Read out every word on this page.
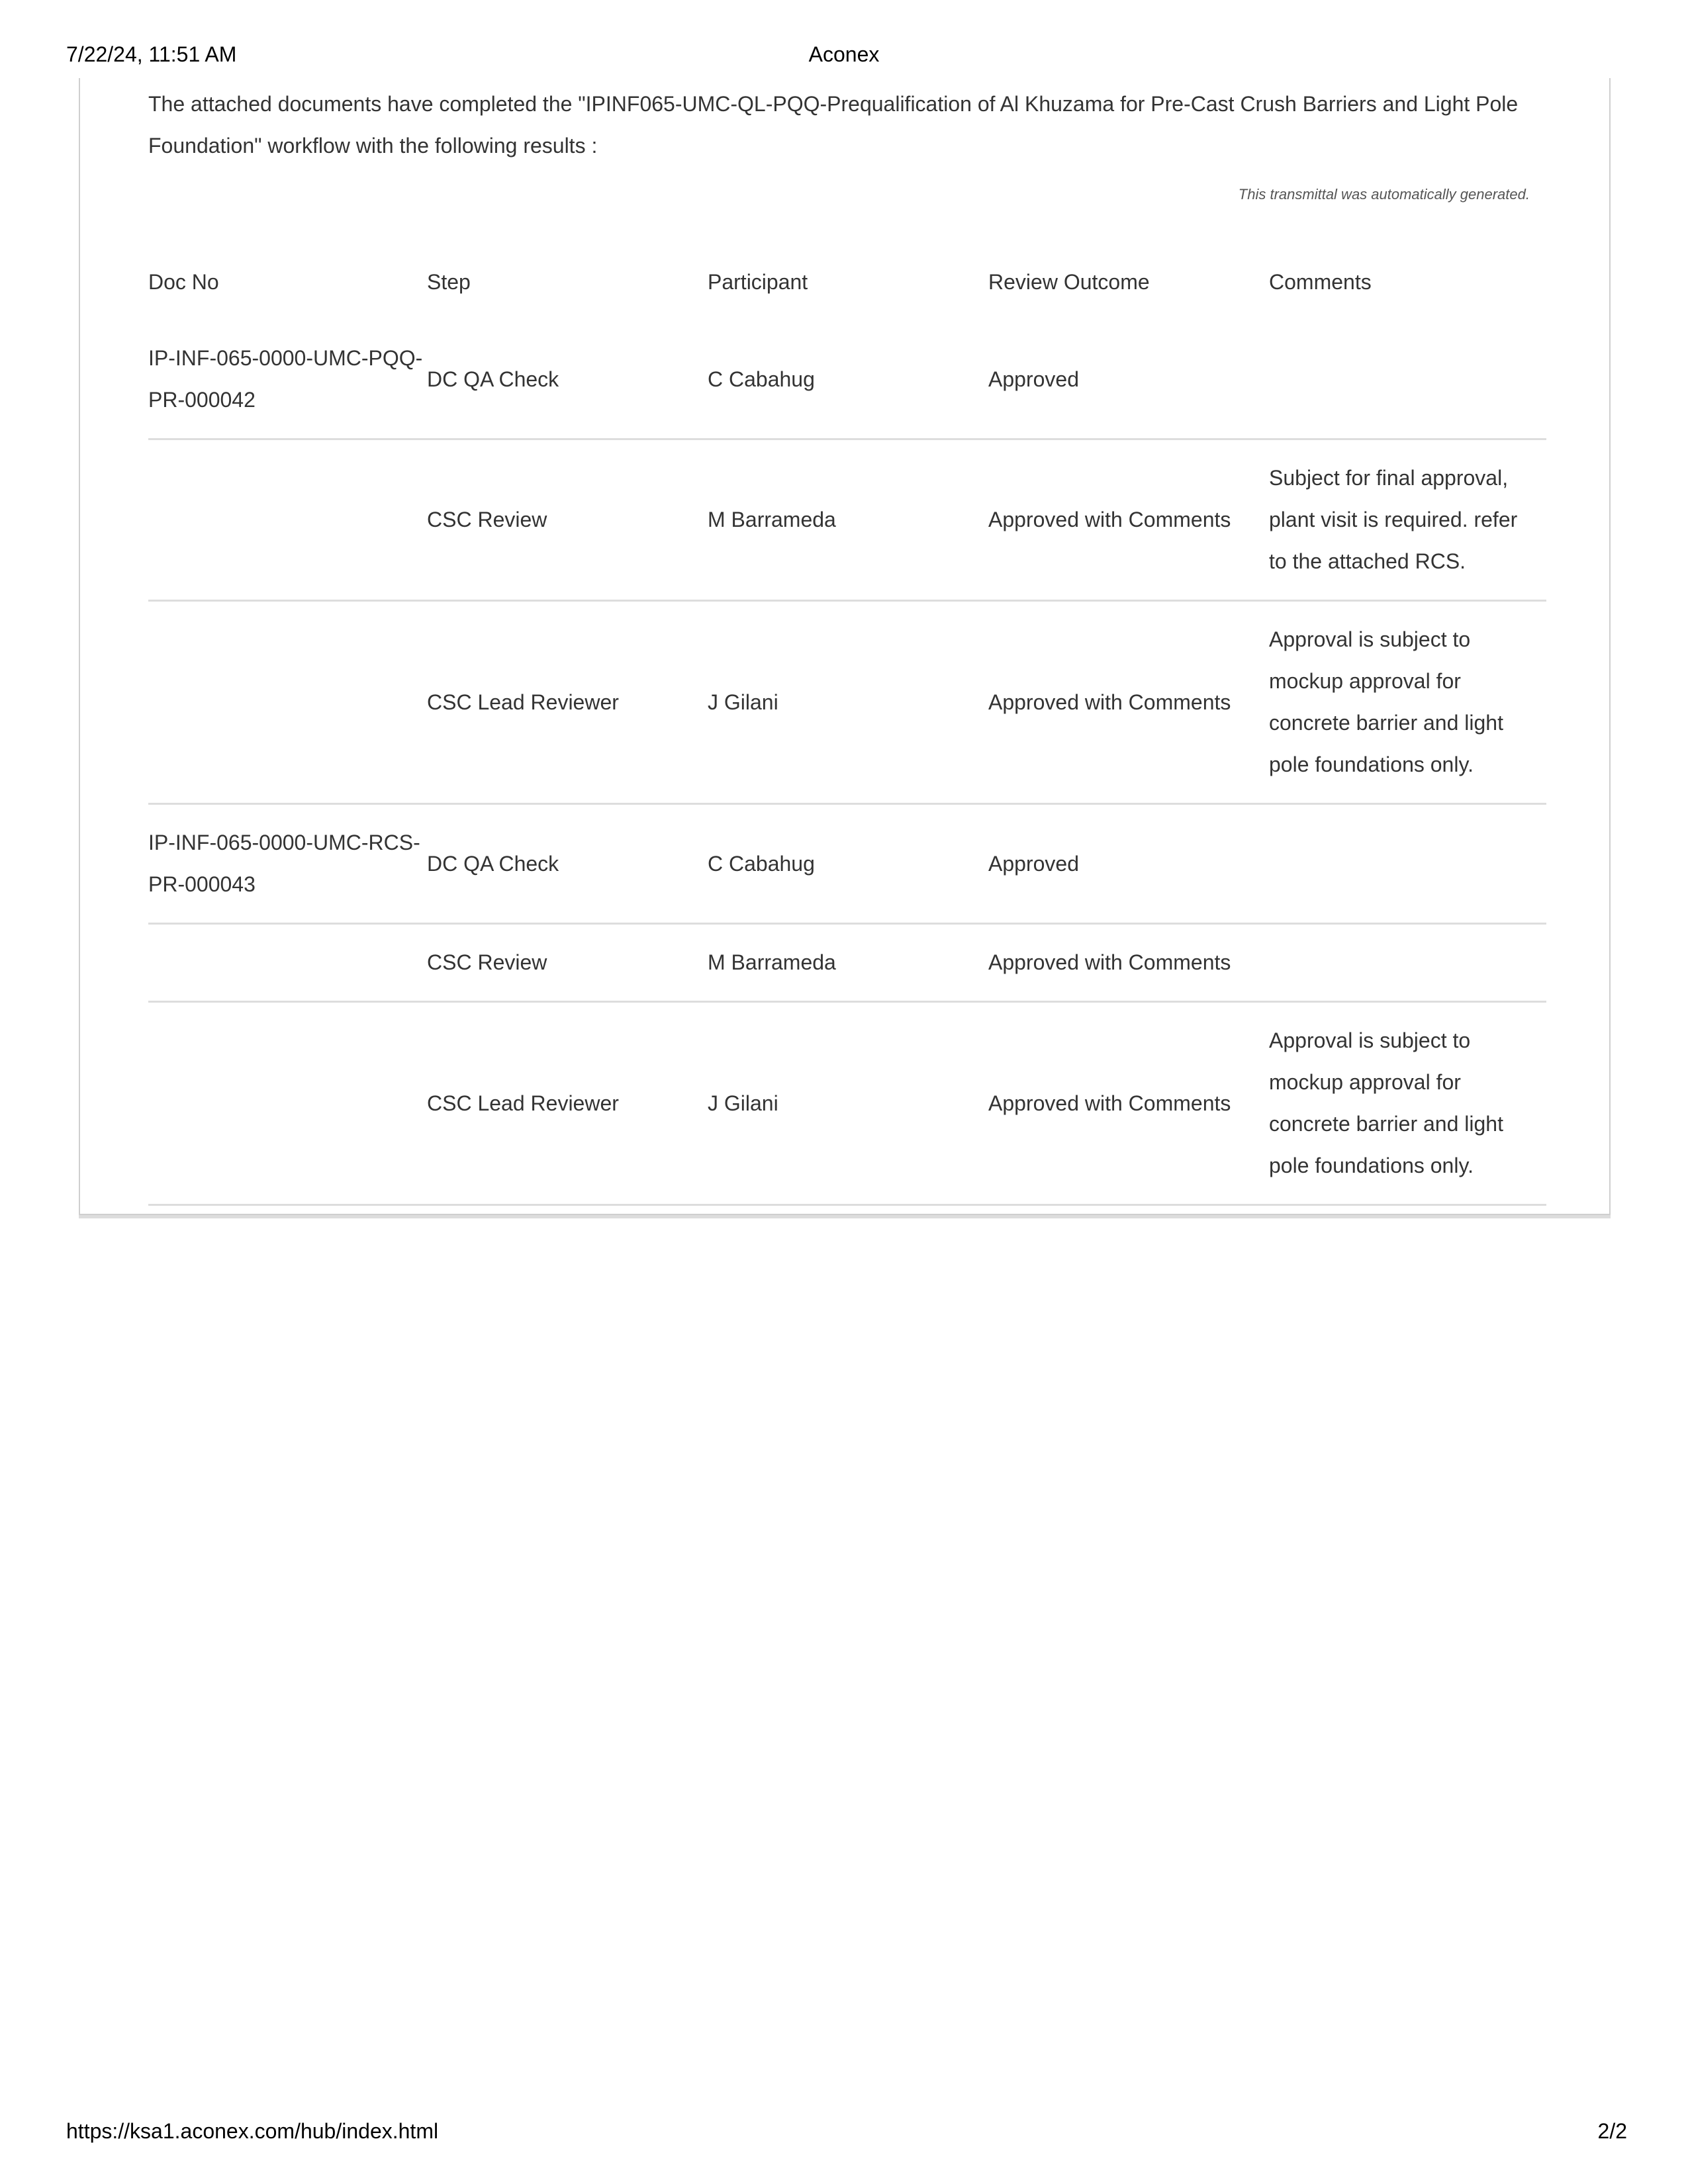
7/22/24, 11:51 AM	Aconex
The attached documents have completed the "IPINF065-UMC-QL-PQQ-Prequalification of Al Khuzama for Pre-Cast Crush Barriers and Light Pole Foundation" workflow with the following results :
This transmittal was automatically generated.
Doc No	Step	Participant	Review Outcome	Comments
IP-INF-065-0000-UMC-PQQ-PR-000042	DC QA Check	C Cabahug	Approved	
	CSC Review	M Barrameda	Approved with Comments	Subject for final approval, plant visit is required. refer to the attached RCS.
	CSC Lead Reviewer	J Gilani	Approved with Comments	Approval is subject to mockup approval for concrete barrier and light pole foundations only.
IP-INF-065-0000-UMC-RCS-PR-000043	DC QA Check	C Cabahug	Approved	
	CSC Review	M Barrameda	Approved with Comments	
	CSC Lead Reviewer	J Gilani	Approved with Comments	Approval is subject to mockup approval for concrete barrier and light pole foundations only.
https://ksa1.aconex.com/hub/index.html	2/2
